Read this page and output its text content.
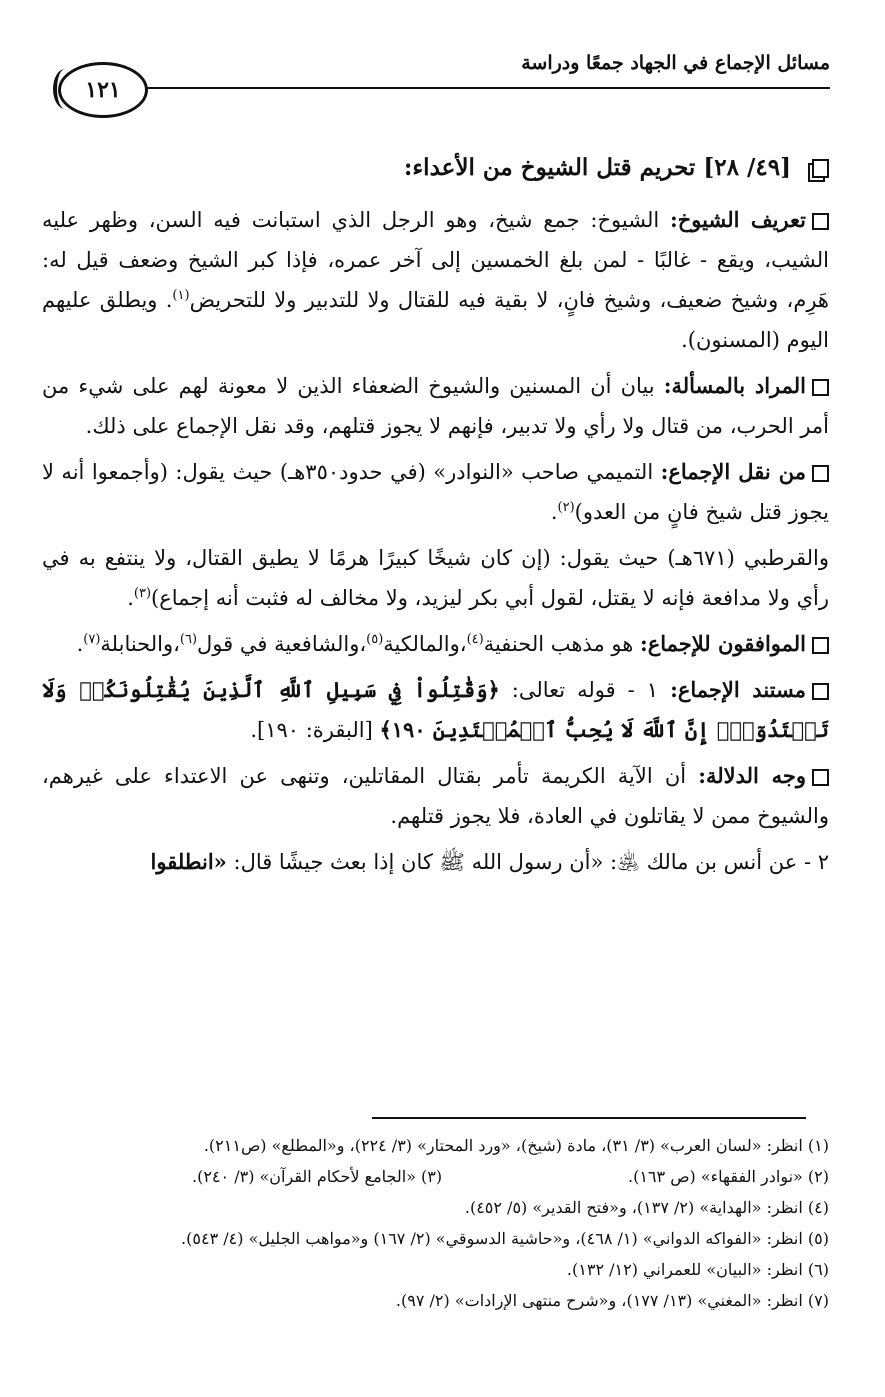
مسائل الإجماع في الجهاد جمعًا ودراسة
١٢١

[٤٩/ ٢٨] تحريم قتل الشيوخ من الأعداء:

تعريف الشيوخ: الشيوخ: جمع شيخ، وهو الرجل الذي استبانت فيه السن، وظهر عليه الشيب، ويقع - غالبًا - لمن بلغ الخمسين إلى آخر عمره، فإذا كبر الشيخ وضعف قيل له: هَرِم، وشيخ ضعيف، وشيخ فانٍ، لا بقية فيه للقتال ولا للتدبير ولا للتحريض$^{(١)}$. ويطلق عليهم اليوم (المسنون).

المراد بالمسألة: بيان أن المسنين والشيوخ الضعفاء الذين لا معونة لهم على شيء من أمر الحرب، من قتال ولا رأي ولا تدبير، فإنهم لا يجوز قتلهم، وقد نقل الإجماع على ذلك.

من نقل الإجماع: التميمي صاحب «النوادر» (في حدود٣٥٠هـ) حيث يقول: (وأجمعوا أنه لا يجوز قتل شيخ فانٍ من العدو)$^{(٢)}$.

والقرطبي (٦٧١هـ) حيث يقول: (إن كان شيخًا كبيرًا هرمًا لا يطيق القتال، ولا ينتفع به في رأي ولا مدافعة فإنه لا يقتل، لقول أبي بكر ليزيد، ولا مخالف له فثبت أنه إجماع)$^{(٣)}$.

الموافقون للإجماع: هو مذهب الحنفية$^{(٤)}$،والمالكية$^{(٥)}$،والشافعية في قول$^{(٦)}$،والحنابلة$^{(٧)}$.

مستند الإجماع: ١ - قوله تعالى: ﴿وَقَٰتِلُواْ فِي سَبِيلِ ٱللَّهِ ٱلَّذِينَ يُقَٰتِلُونَكُمۡ وَلَا تَعۡتَدُوٓاْۚ إِنَّ ٱللَّهَ لَا يُحِبُّ ٱلۡمُعۡتَدِينَ ١٩٠﴾ [البقرة: ١٩٠].

وجه الدلالة: أن الآية الكريمة تأمر بقتال المقاتلين، وتنهى عن الاعتداء على غيرهم، والشيوخ ممن لا يقاتلون في العادة، فلا يجوز قتلهم.

٢ - عن أنس بن مالك ﵁: «أن رسول الله ﷺ كان إذا بعث جيشًا قال: «انطلقوا

(١) انظر: «لسان العرب» (٣/ ٣١)، مادة (شيخ)، «ورد المحتار» (٣/ ٢٢٤)، و«المطلع» (ص٢١١).
(٢) «نوادر الفقهاء» (ص ١٦٣).
(٣) «الجامع لأحكام القرآن» (٣/ ٢٤٠).
(٤) انظر: «الهداية» (٢/ ١٣٧)، و«فتح القدير» (٥/ ٤٥٢).
(٥) انظر: «الفواكه الدواني» (١/ ٤٦٨)، و«حاشية الدسوقي» (٢/ ١٦٧) و«مواهب الجليل» (٤/ ٥٤٣).
(٦) انظر: «البيان» للعمراني (١٢/ ١٣٢).
(٧) انظر: «المغني» (١٣/ ١٧٧)، و«شرح منتهى الإرادات» (٢/ ٩٧).
